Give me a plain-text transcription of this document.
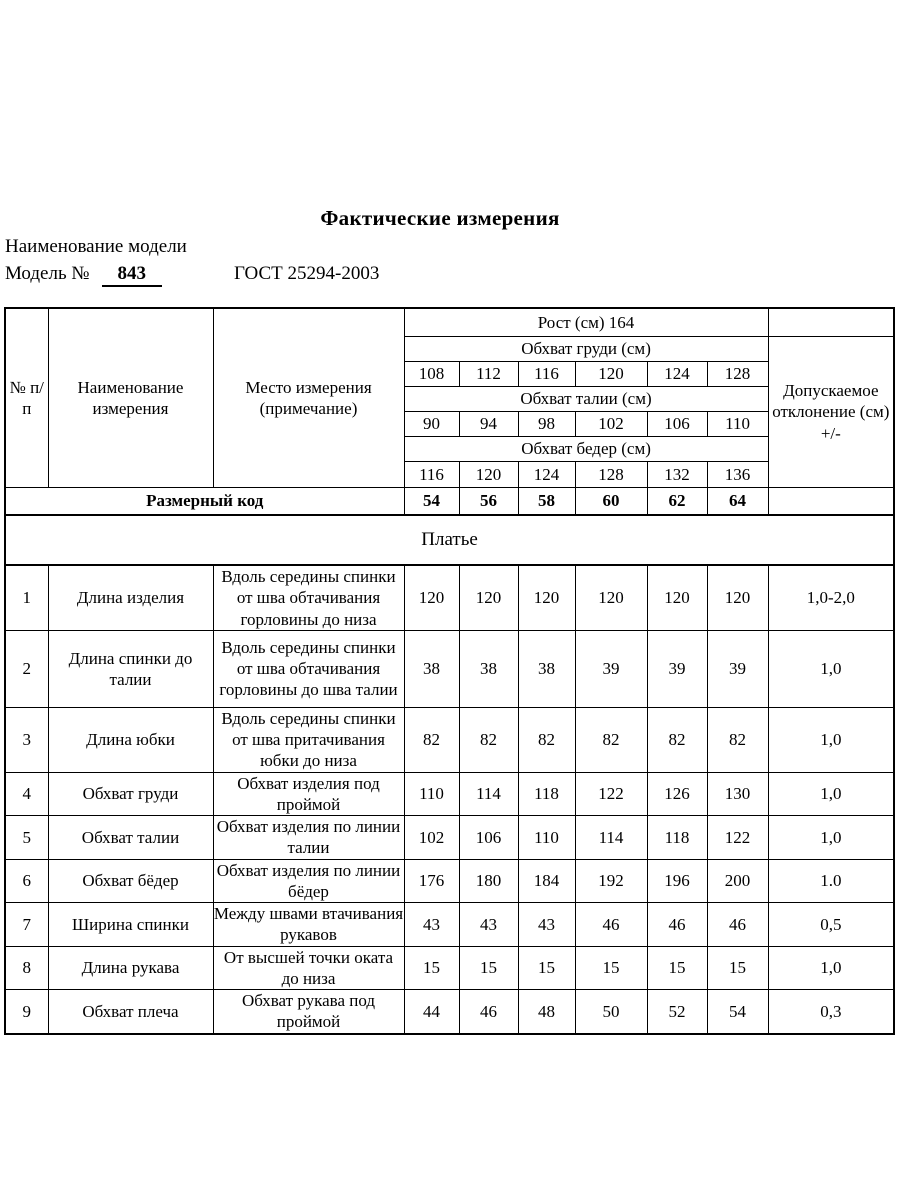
Фактические измерения
Наименование модели
Модель № 843	ГОСТ 25294-2003
№ п/п	Наименование измерения	Место измерения (примечание)	Рост (см) 164						
			Обхват груди (см)						Допускаемое отклонение (см) +/-
			108	112	116	120	124	128	
			Обхват талии (см)						
			90	94	98	102	106	110	
			Обхват бедер (см)						
			116	120	124	128	132	136	
Размерный код			54	56	58	60	62	64	
Платье									
1	Длина изделия	Вдоль середины спинки от шва обтачивания горловины до низа	120	120	120	120	120	120	1,0-2,0
2	Длина спинки до талии	Вдоль середины спинки от шва обтачивания горловины до шва талии	38	38	38	39	39	39	1,0
3	Длина юбки	Вдоль середины спинки от шва притачивания юбки до низа	82	82	82	82	82	82	1,0
4	Обхват груди	Обхват изделия под проймой	110	114	118	122	126	130	1,0
5	Обхват талии	Обхват изделия по линии талии	102	106	110	114	118	122	1,0
6	Обхват бёдер	Обхват изделия по линии бёдер	176	180	184	192	196	200	1.0
7	Ширина спинки	Между швами втачивания рукавов	43	43	43	46	46	46	0,5
8	Длина рукава	От высшей точки оката до низа	15	15	15	15	15	15	1,0
9	Обхват плеча	Обхват рукава под проймой	44	46	48	50	52	54	0,3
